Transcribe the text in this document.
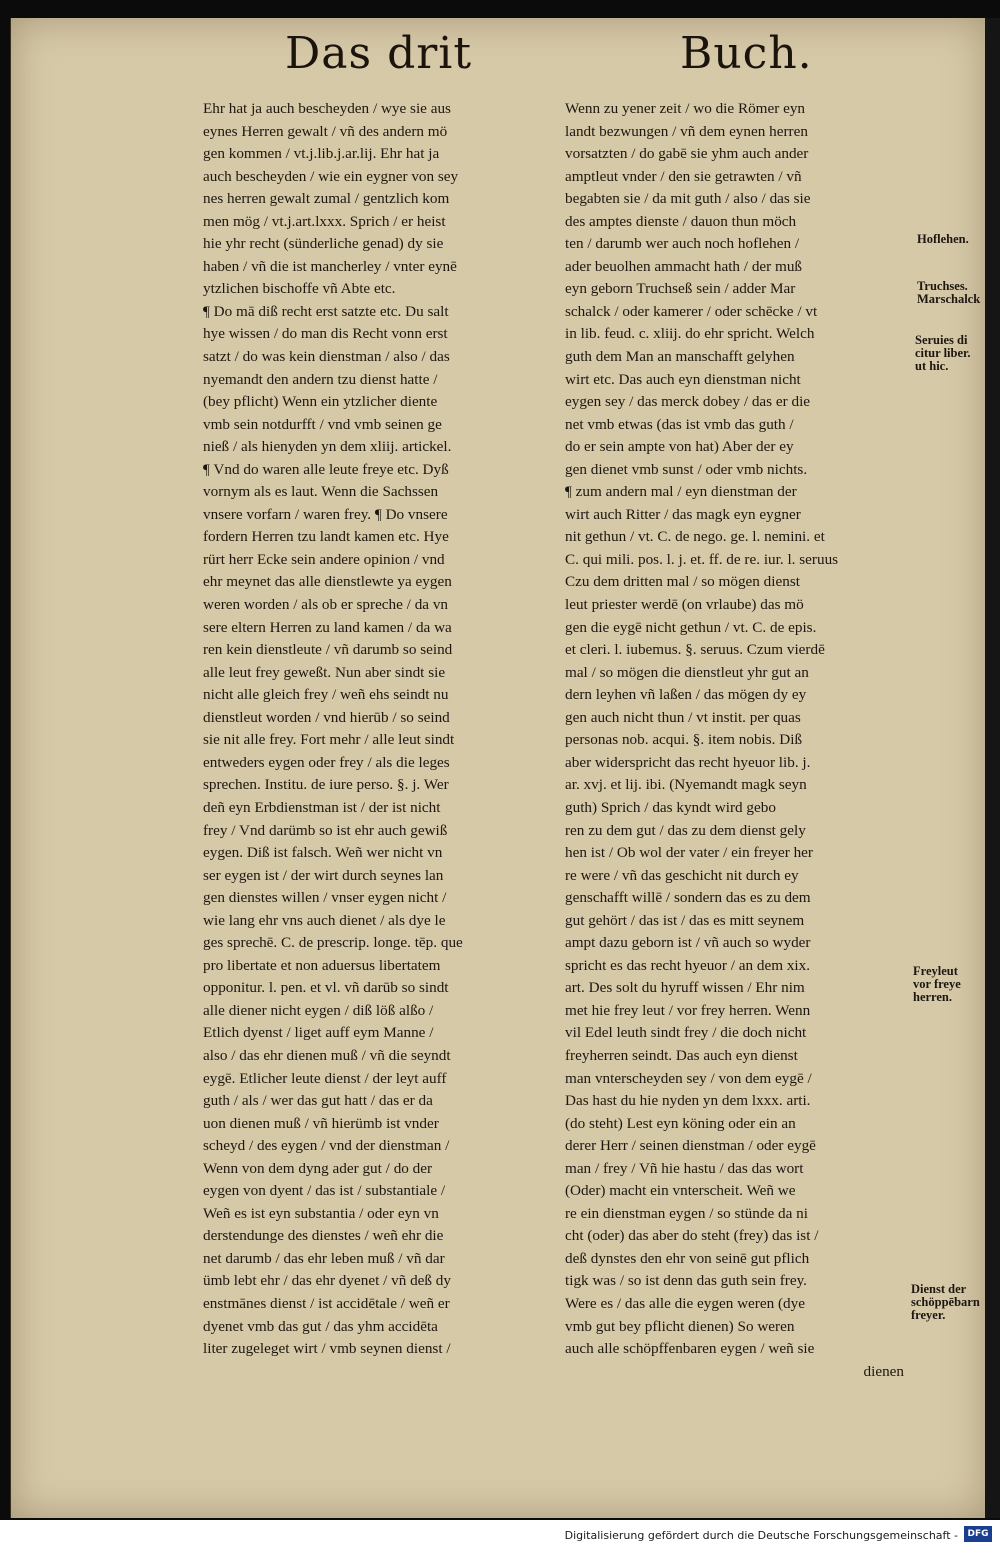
Das drit	Buch.
Ehr hat ja auch bescheyden / wye sie aus
eynes Herren gewalt / vñ des andern mö
gen kommen / vt.j.lib.j.ar.lij. Ehr hat ja
auch bescheyden / wie ein eygner von sey
nes herren gewalt zumal / gentzlich kom
men mög / vt.j.art.lxxx. Sprich / er heist
hie yhr recht (sünderliche genad) dy sie
haben / vñ die ist mancherley / vnter eynē
ytzlichen bischoffe vñ Abte etc.
¶ Do mā diß recht erst satzte etc. Du salt
hye wissen / do man dis Recht vonn erst
satzt / do was kein dienstman / also / das
nyemandt den andern tzu dienst hatte /
(bey pflicht) Wenn ein ytzlicher diente
vmb sein notdurfft / vnd vmb seinen ge
nieß / als hienyden yn dem xliij. artickel.
¶ Vnd do waren alle leute freye etc. Dyß
vornym als es laut. Wenn die Sachssen
vnsere vorfarn / waren frey. ¶ Do vnsere
fordern Herren tzu landt kamen etc. Hye
rürt herr Ecke sein andere opinion / vnd
ehr meynet das alle dienstlewte ya eygen
weren worden / als ob er spreche / da vn
sere eltern Herren zu land kamen / da wa
ren kein dienstleute / vñ darumb so seind
alle leut frey geweßt. Nun aber sindt sie
nicht alle gleich frey / weñ ehs seindt nu
dienstleut worden / vnd hierūb / so seind
sie nit alle frey. Fort mehr / alle leut sindt
entweders eygen oder frey / als die leges
sprechen. Institu. de iure perso. §. j. Wer
deñ eyn Erbdienstman ist / der ist nicht
frey / Vnd darümb so ist ehr auch gewiß
eygen. Diß ist falsch. Weñ wer nicht vn
ser eygen ist / der wirt durch seynes lan
gen dienstes willen / vnser eygen nicht /
wie lang ehr vns auch dienet / als dye le
ges sprechē. C. de prescrip. longe. tēp. que
pro libertate et non aduersus libertatem
opponitur. l. pen. et vl. vñ darūb so sindt
alle diener nicht eygen / diß löß alßo /
Etlich dyenst / liget auff eym Manne /
also / das ehr dienen muß / vñ die seyndt
eygē. Etlicher leute dienst / der leyt auff
guth / als / wer das gut hatt / das er da
uon dienen muß / vñ hierümb ist vnder
scheyd / des eygen / vnd der dienstman /
Wenn von dem dyng ader gut / do der
eygen von dyent / das ist / substantiale /
Weñ es ist eyn substantia / oder eyn vn
derstendunge des dienstes / weñ ehr die
net darumb / das ehr leben muß / vñ dar
ümb lebt ehr / das ehr dyenet / vñ deß dy
enstmānes dienst / ist accidētale / weñ er
dyenet vmb das gut / das yhm accidēta
liter zugeleget wirt / vmb seynen dienst /
Wenn zu yener zeit / wo die Römer eyn
landt bezwungen / vñ dem eynen herren
vorsatzten / do gabē sie yhm auch ander
amptleut vnder / den sie getrawten / vñ
begabten sie / da mit guth / also / das sie
des amptes dienste / dauon thun möch
ten / darumb wer auch noch hoflehen /
ader beuolhen ammacht hath / der muß
eyn geborn Truchseß sein / adder Mar
schalck / oder kamerer / oder schēcke / vt
in lib. feud. c. xliij. do ehr spricht. Welch
guth dem Man an manschafft gelyhen
wirt etc. Das auch eyn dienstman nicht
eygen sey / das merck dobey / das er die
net vmb etwas (das ist vmb das guth /
do er sein ampte von hat) Aber der ey
gen dienet vmb sunst / oder vmb nichts.
¶ zum andern mal / eyn dienstman der
wirt auch Ritter / das magk eyn eygner
nit gethun / vt. C. de nego. ge. l. nemini. et
C. qui mili. pos. l. j. et. ff. de re. iur. l. seruus
Czu dem dritten mal / so mögen dienst
leut priester werdē (on vrlaube) das mö
gen die eygē nicht gethun / vt. C. de epis.
et cleri. l. iubemus. §. seruus. Czum vierdē
mal / so mögen die dienstleut yhr gut an
dern leyhen vñ laßen / das mögen dy ey
gen auch nicht thun / vt instit. per quas
personas nob. acqui. §. item nobis. Diß
aber widerspricht das recht hyeuor lib. j.
ar. xvj. et lij. ibi. (Nyemandt magk seyn
guth) Sprich / das kyndt wird gebo
ren zu dem gut / das zu dem dienst gely
hen ist / Ob wol der vater / ein freyer her
re were / vñ das geschicht nit durch ey
genschafft willē / sondern das es zu dem
gut gehört / das ist / das es mitt seynem
ampt dazu geborn ist / vñ auch so wyder
spricht es das recht hyeuor / an dem xix.
art. Des solt du hyruff wissen / Ehr nim
met hie frey leut / vor frey herren. Wenn
vil Edel leuth sindt frey / die doch nicht
freyherren seindt. Das auch eyn dienst
man vnterscheyden sey / von dem eygē /
Das hast du hie nyden yn dem lxxx. arti.
(do steht) Lest eyn köning oder ein an
derer Herr / seinen dienstman / oder eygē
man / frey / Vñ hie hastu / das das wort
(Oder) macht ein vnterscheit. Weñ we
re ein dienstman eygen / so stünde da ni
cht (oder) das aber do steht (frey) das ist /
deß dynstes den ehr von seinē gut pflich
tigk was / so ist denn das guth sein frey.
Were es / das alle die eygen weren (dye
vmb gut bey pflicht dienen) So weren
auch alle schöpffenbaren eygen / weñ sie
dienen
Hoflehen.
Truchses.
Marschalck
Seruies di
citur liber.
ut hic.
Freyleut
vor freye
herren.
Dienst der
schöppēbarn
freyer.
Digitalisierung gefördert durch die Deutsche Forschungsgemeinschaft -	DFG
